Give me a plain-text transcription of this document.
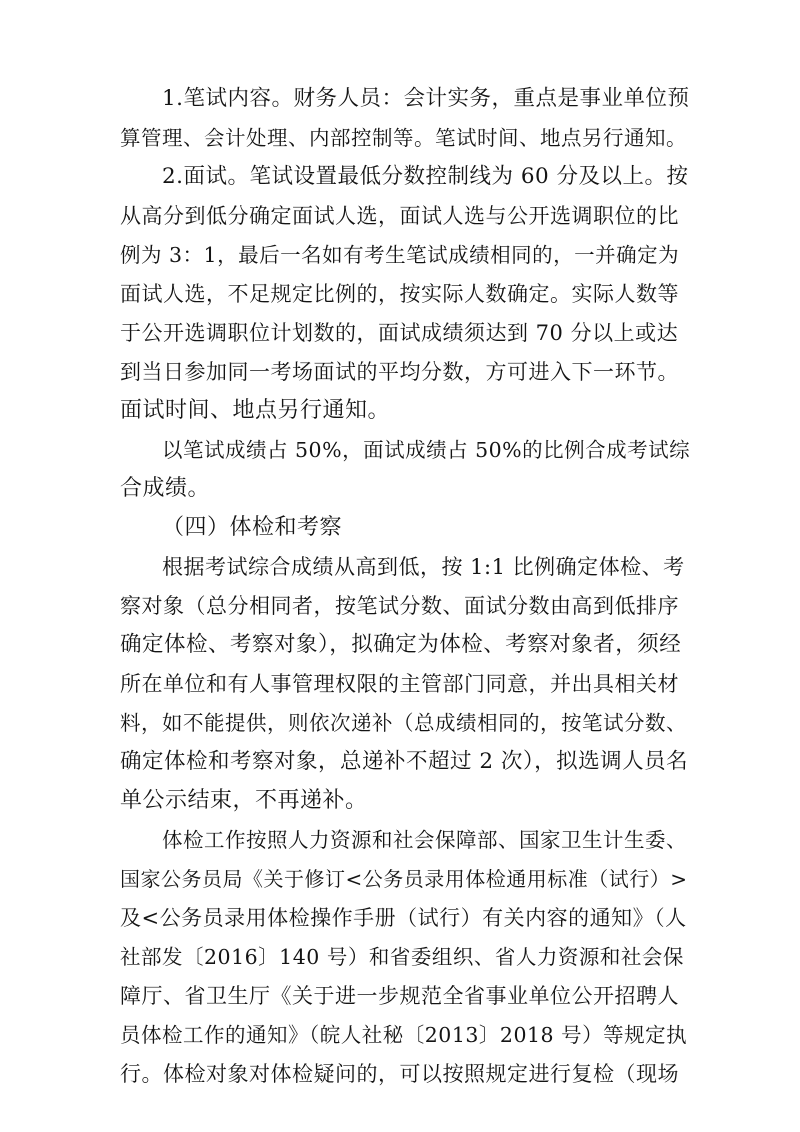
1.笔试内容。财务人员：会计实务，重点是事业单位预
算管理、会计处理、内部控制等。笔试时间、地点另行通知。
2.面试。笔试设置最低分数控制线为 60 分及以上。按
从高分到低分确定面试人选，面试人选与公开选调职位的比
例为 3：1，最后一名如有考生笔试成绩相同的，一并确定为
面试人选，不足规定比例的，按实际人数确定。实际人数等
于公开选调职位计划数的，面试成绩须达到 70 分以上或达
到当日参加同一考场面试的平均分数，方可进入下一环节。
面试时间、地点另行通知。
以笔试成绩占 50%，面试成绩占 50%的比例合成考试综
合成绩。
（四）体检和考察
根据考试综合成绩从高到低，按 1:1 比例确定体检、考
察对象（总分相同者，按笔试分数、面试分数由高到低排序
确定体检、考察对象），拟确定为体检、考察对象者，须经
所在单位和有人事管理权限的主管部门同意，并出具相关材
料，如不能提供，则依次递补（总成绩相同的，按笔试分数、
确定体检和考察对象，总递补不超过 2 次），拟选调人员名
单公示结束，不再递补。
体检工作按照人力资源和社会保障部、国家卫生计生委、
国家公务员局《关于修订<公务员录用体检通用标准（试行）>
及<公务员录用体检操作手册（试行）有关内容的通知》（人
社部发〔2016〕140 号）和省委组织、省人力资源和社会保
障厅、省卫生厅《关于进一步规范全省事业单位公开招聘人
员体检工作的通知》（皖人社秘〔2013〕2018 号）等规定执
行。体检对象对体检疑问的，可以按照规定进行复检（现场
